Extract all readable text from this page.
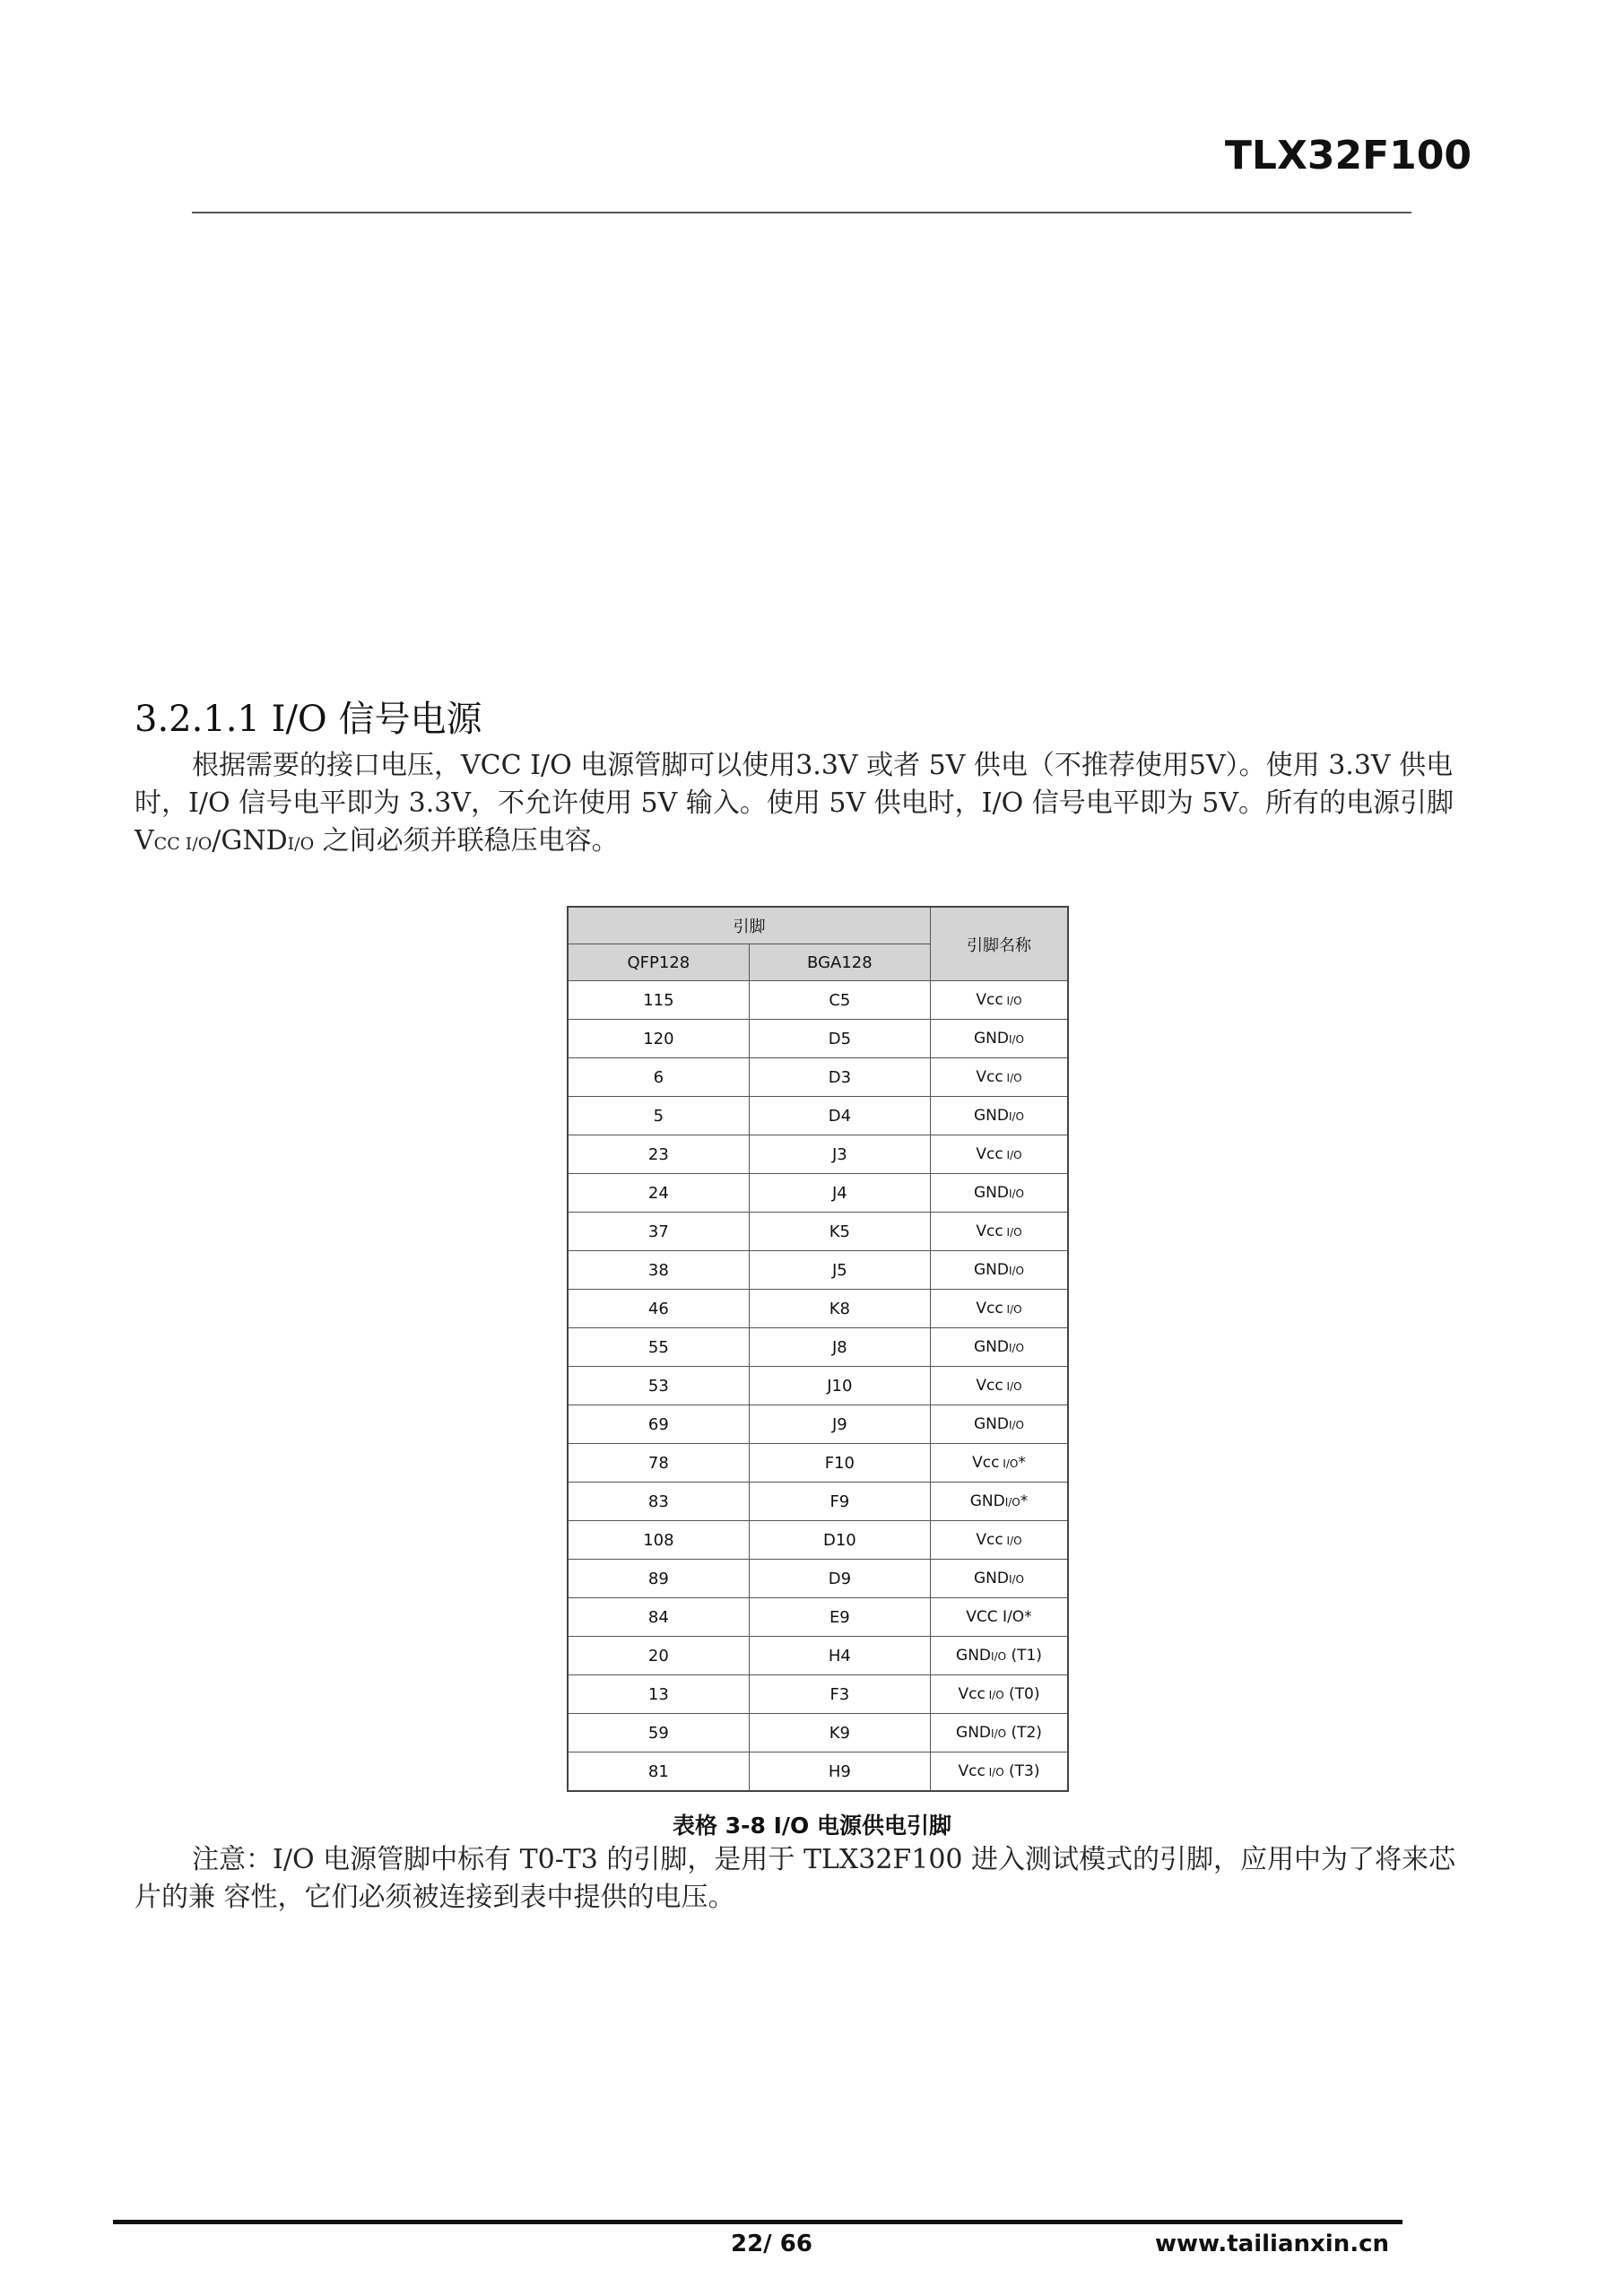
TLX32F100
3.2.1.1 I/O 信号电源
根据需要的接口电压，VCC I/O 电源管脚可以使用3.3V 或者 5V 供电（不推荐使用5V）。使用 3.3V 供电
时，I/O 信号电平即为 3.3V，不允许使用 5V 输入。使用 5V 供电时，I/O 信号电平即为 5V。所有的电源引脚
VCC I/O/GNDI/O 之间必须并联稳压电容。
引脚		引脚名称
QFP128	BGA128	
115	C5	Vcc I/O
120	D5	GNDI/O
6	D3	Vcc I/O
5	D4	GNDI/O
23	J3	Vcc I/O
24	J4	GNDI/O
37	K5	Vcc I/O
38	J5	GNDI/O
46	K8	Vcc I/O
55	J8	GNDI/O
53	J10	Vcc I/O
69	J9	GNDI/O
78	F10	Vcc I/O*
83	F9	GNDI/O*
108	D10	Vcc I/O
89	D9	GNDI/O
84	E9	VCC I/O*
20	H4	GNDI/O (T1)
13	F3	Vcc I/O (T0)
59	K9	GNDI/O (T2)
81	H9	Vcc I/O (T3)
表格 3-8 I/O 电源供电引脚
注意：I/O 电源管脚中标有 T0-T3 的引脚，是用于 TLX32F100 进入测试模式的引脚，应用中为了将来芯
片的兼 容性，它们必须被连接到表中提供的电压。
22/ 66	www.tailianxin.cn
